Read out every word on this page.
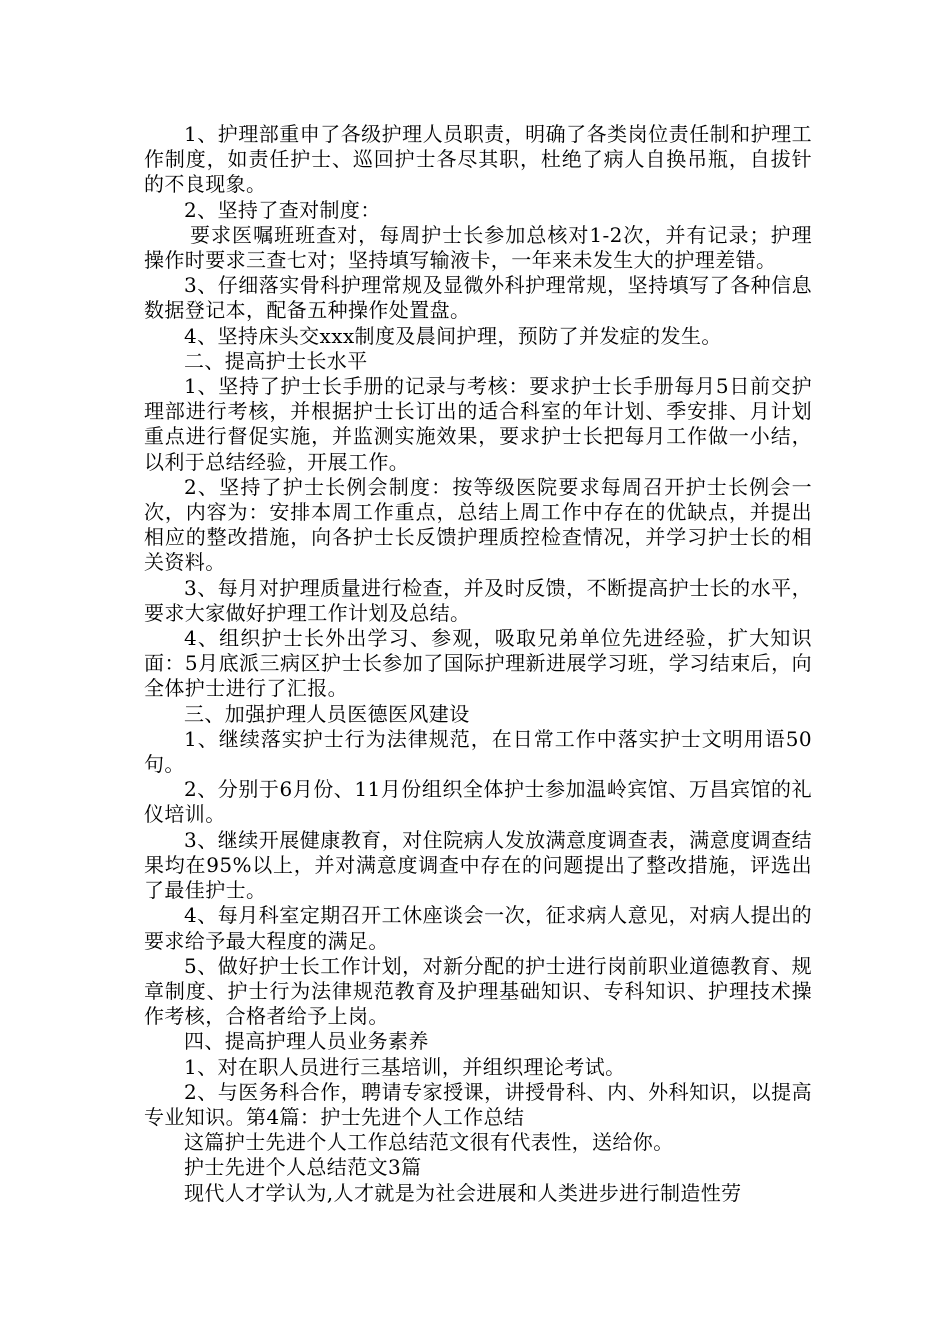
1、护理部重申了各级护理人员职责，明确了各类岗位责任制和护理工作制度，如责任护士、巡回护士各尽其职，杜绝了病人自换吊瓶，自拔针的不良现象。

2、坚持了查对制度：

要求医嘱班班查对，每周护士长参加总核对1-2次，并有记录；护理操作时要求三查七对；坚持填写输液卡，一年来未发生大的护理差错。

3、仔细落实骨科护理常规及显微外科护理常规，坚持填写了各种信息数据登记本，配备五种操作处置盘。

4、坚持床头交xxx制度及晨间护理，预防了并发症的发生。

二、提高护士长水平

1、坚持了护士长手册的记录与考核：要求护士长手册每月5日前交护理部进行考核，并根据护士长订出的适合科室的年计划、季安排、月计划重点进行督促实施，并监测实施效果，要求护士长把每月工作做一小结，以利于总结经验，开展工作。

2、坚持了护士长例会制度：按等级医院要求每周召开护士长例会一次，内容为：安排本周工作重点，总结上周工作中存在的优缺点，并提出相应的整改措施，向各护士长反馈护理质控检查情况，并学习护士长的相关资料。

3、每月对护理质量进行检查，并及时反馈，不断提高护士长的水平，要求大家做好护理工作计划及总结。

4、组织护士长外出学习、参观，吸取兄弟单位先进经验，扩大知识面：5月底派三病区护士长参加了国际护理新进展学习班，学习结束后，向全体护士进行了汇报。

三、加强护理人员医德医风建设

1、继续落实护士行为法律规范，在日常工作中落实护士文明用语50句。

2、分别于6月份、11月份组织全体护士参加温岭宾馆、万昌宾馆的礼仪培训。

3、继续开展健康教育，对住院病人发放满意度调查表，满意度调查结果均在95%以上，并对满意度调查中存在的问题提出了整改措施，评选出了最佳护士。

4、每月科室定期召开工休座谈会一次，征求病人意见，对病人提出的要求给予最大程度的满足。

5、做好护士长工作计划，对新分配的护士进行岗前职业道德教育、规章制度、护士行为法律规范教育及护理基础知识、专科知识、护理技术操作考核，合格者给予上岗。

四、提高护理人员业务素养

1、对在职人员进行三基培训，并组织理论考试。

2、与医务科合作，聘请专家授课，讲授骨科、内、外科知识，以提高专业知识。第4篇：护士先进个人工作总结

这篇护士先进个人工作总结范文很有代表性，送给你。

护士先进个人总结范文3篇

现代人才学认为,人才就是为社会进展和人类进步进行制造性劳
